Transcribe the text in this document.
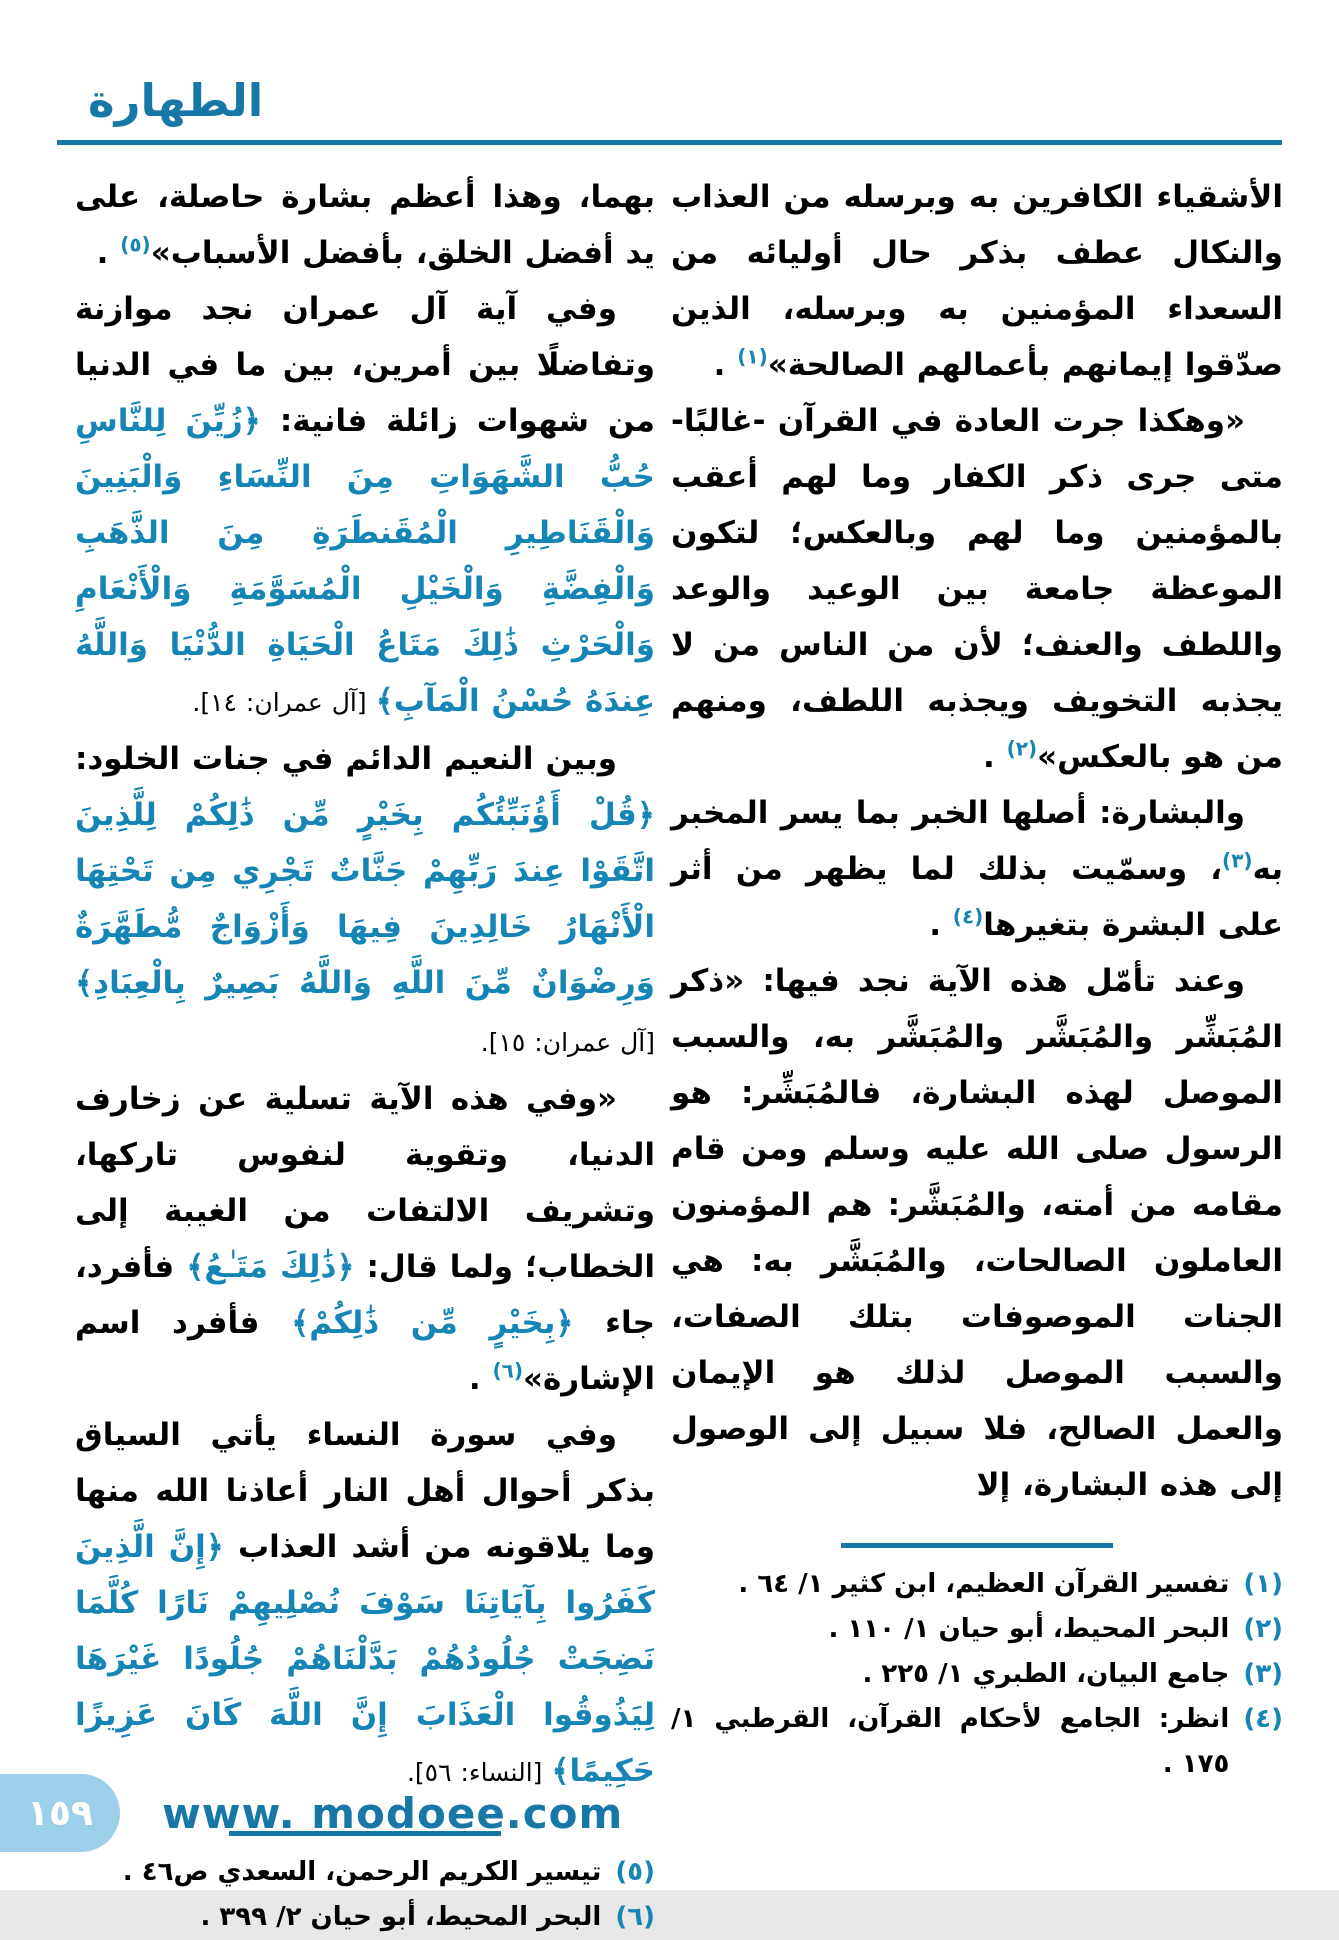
الطهارة

الأشقياء الكافرين به وبرسله من العذاب والنكال عطف بذكر حال أوليائه من السعداء المؤمنين به وبرسله، الذين صدّقوا إيمانهم بأعمالهم الصالحة»$^{(١)}$ .

«وهكذا جرت العادة في القرآن -غالبًا- متى جرى ذكر الكفار وما لهم أعقب بالمؤمنين وما لهم وبالعكس؛ لتكون الموعظة جامعة بين الوعيد والوعد واللطف والعنف؛ لأن من الناس من لا يجذبه التخويف ويجذبه اللطف، ومنهم من هو بالعكس»$^{(٢)}$ .

والبشارة: أصلها الخبر بما يسر المخبر به$^{(٣)}$، وسمّيت بذلك لما يظهر من أثر على البشرة بتغيرها$^{(٤)}$ .

وعند تأمّل هذه الآية نجد فيها: «ذكر المُبَشِّر والمُبَشَّر والمُبَشَّر به، والسبب الموصل لهذه البشارة، فالمُبَشِّر: هو الرسول صلى الله عليه وسلم ومن قام مقامه من أمته، والمُبَشَّر: هم المؤمنون العاملون الصالحات، والمُبَشَّر به: هي الجنات الموصوفات بتلك الصفات، والسبب الموصل لذلك هو الإيمان والعمل الصالح، فلا سبيل إلى الوصول إلى هذه البشارة، إلا

(١)
تفسير القرآن العظيم، ابن كثير ١/ ٦٤ .
(٢)
البحر المحيط، أبو حيان ١/ ١١٠ .
(٣)
جامع البيان، الطبري ١/ ٢٢٥ .
(٤)
انظر: الجامع لأحكام القرآن، القرطبي ١/ ١٧٥ .

بهما، وهذا أعظم بشارة حاصلة، على يد أفضل الخلق، بأفضل الأسباب»$^{(٥)}$ .

وفي آية آل عمران نجد موازنة وتفاضلًا بين أمرين، بين ما في الدنيا من شهوات زائلة فانية: ﴿زُيِّنَ لِلنَّاسِ حُبُّ الشَّهَوَاتِ مِنَ النِّسَاءِ وَالْبَنِينَ وَالْقَنَاطِيرِ الْمُقَنطَرَةِ مِنَ الذَّهَبِ وَالْفِضَّةِ وَالْخَيْلِ الْمُسَوَّمَةِ وَالْأَنْعَامِ وَالْحَرْثِ ذَٰلِكَ مَتَاعُ الْحَيَاةِ الدُّنْيَا وَاللَّهُ عِندَهُ حُسْنُ الْمَآبِ﴾ [آل عمران: ١٤].

وبين النعيم الدائم في جنات الخلود: ﴿قُلْ أَؤُنَبِّئُكُم بِخَيْرٍ مِّن ذَٰلِكُمْ لِلَّذِينَ اتَّقَوْا عِندَ رَبِّهِمْ جَنَّاتٌ تَجْرِي مِن تَحْتِهَا الْأَنْهَارُ خَالِدِينَ فِيهَا وَأَزْوَاجٌ مُّطَهَّرَةٌ وَرِضْوَانٌ مِّنَ اللَّهِ وَاللَّهُ بَصِيرٌ بِالْعِبَادِ﴾ [آل عمران: ١٥].

«وفي هذه الآية تسلية عن زخارف الدنيا، وتقوية لنفوس تاركها، وتشريف الالتفات من الغيبة إلى الخطاب؛ ولما قال: ﴿ذَٰلِكَ مَتَـٰعُ﴾ فأفرد، جاء ﴿بِخَيْرٍ مِّن ذَٰلِكُمْ﴾ فأفرد اسم الإشارة»$^{(٦)}$ .

وفي سورة النساء يأتي السياق بذكر أحوال أهل النار أعاذنا الله منها وما يلاقونه من أشد العذاب ﴿إِنَّ الَّذِينَ كَفَرُوا بِآيَاتِنَا سَوْفَ نُصْلِيهِمْ نَارًا كُلَّمَا نَضِجَتْ جُلُودُهُمْ بَدَّلْنَاهُمْ جُلُودًا غَيْرَهَا لِيَذُوقُوا الْعَذَابَ إِنَّ اللَّهَ كَانَ عَزِيزًا حَكِيمًا﴾ [النساء: ٥٦].

(٥)
تيسير الكريم الرحمن، السعدي ص٤٦ .
(٦)
البحر المحيط، أبو حيان ٢/ ٣٩٩ .
١٥٩ www. modoee.com
